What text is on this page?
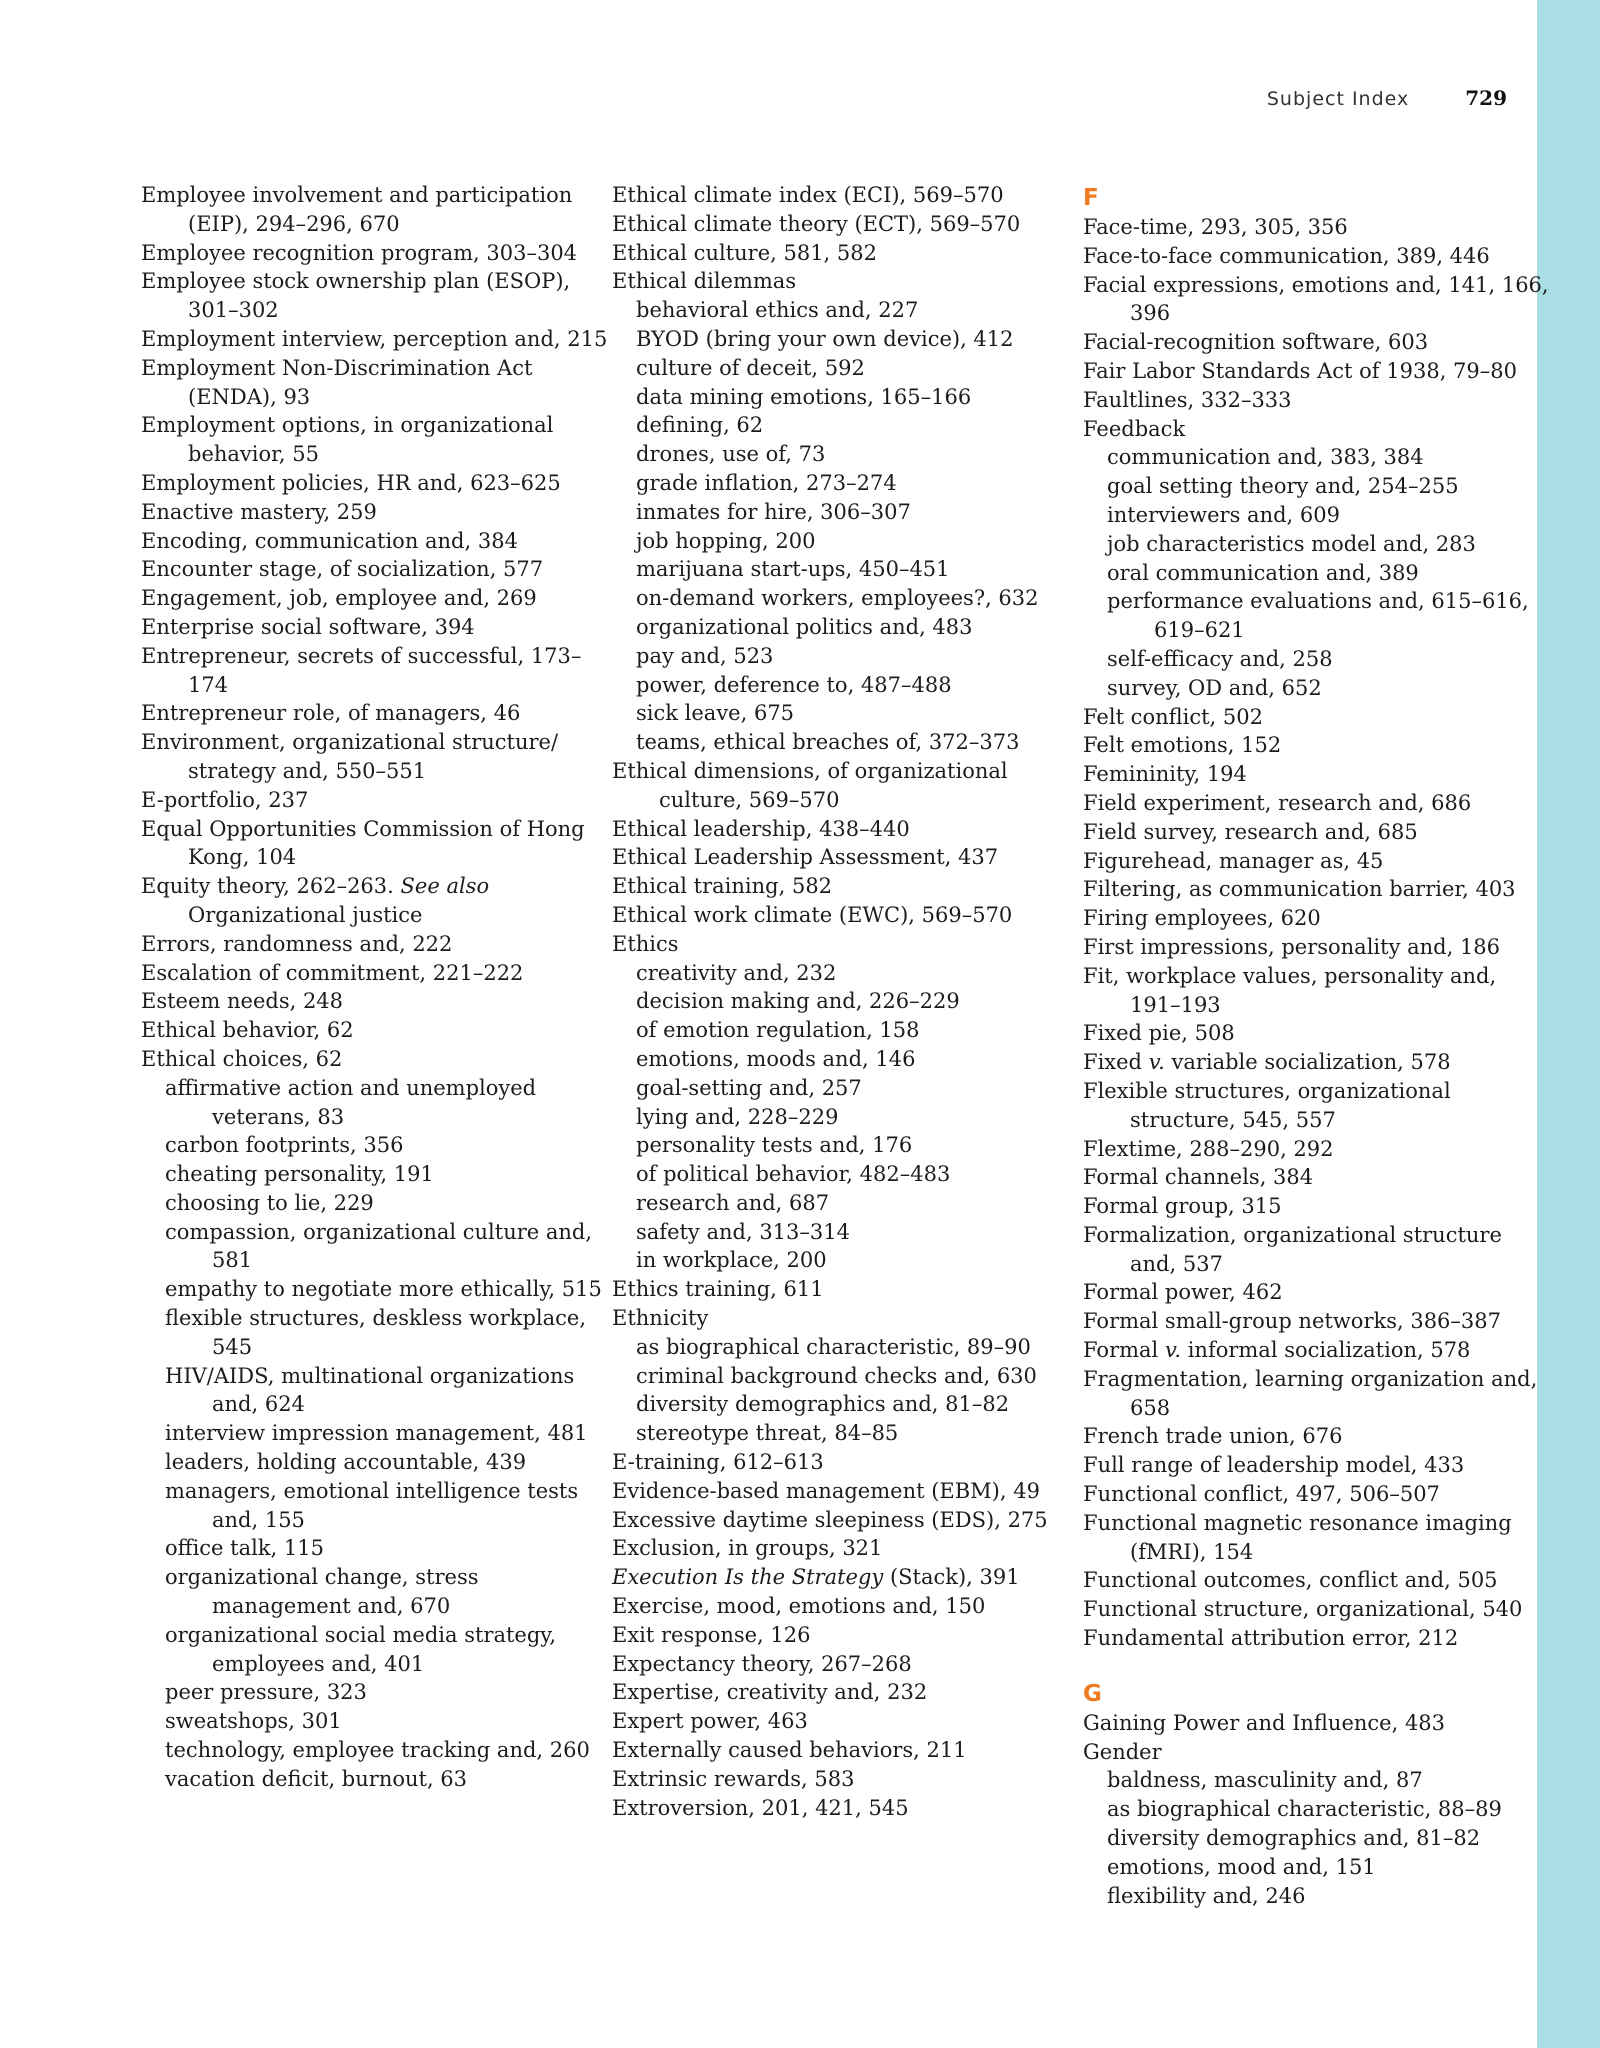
Subject Index	729
Employee involvement and participation (EIP), 294–296, 670
Employee recognition program, 303–304
Employee stock ownership plan (ESOP), 301–302
Employment interview, perception and, 215
Employment Non-Discrimination Act (ENDA), 93
Employment options, in organizational behavior, 55
Employment policies, HR and, 623–625
Enactive mastery, 259
Encoding, communication and, 384
Encounter stage, of socialization, 577
Engagement, job, employee and, 269
Enterprise social software, 394
Entrepreneur, secrets of successful, 173–174
Entrepreneur role, of managers, 46
Environment, organizational structure/ strategy and, 550–551
E-portfolio, 237
Equal Opportunities Commission of Hong Kong, 104
Equity theory, 262–263. See also Organizational justice
Errors, randomness and, 222
Escalation of commitment, 221–222
Esteem needs, 248
Ethical behavior, 62
Ethical choices, 62
affirmative action and unemployed veterans, 83
carbon footprints, 356
cheating personality, 191
choosing to lie, 229
compassion, organizational culture and, 581
empathy to negotiate more ethically, 515
flexible structures, deskless workplace, 545
HIV/AIDS, multinational organizations and, 624
interview impression management, 481
leaders, holding accountable, 439
managers, emotional intelligence tests and, 155
office talk, 115
organizational change, stress management and, 670
organizational social media strategy, employees and, 401
peer pressure, 323
sweatshops, 301
technology, employee tracking and, 260
vacation deficit, burnout, 63
Ethical climate index (ECI), 569–570
Ethical climate theory (ECT), 569–570
Ethical culture, 581, 582
Ethical dilemmas
behavioral ethics and, 227
BYOD (bring your own device), 412
culture of deceit, 592
data mining emotions, 165–166
defining, 62
drones, use of, 73
grade inflation, 273–274
inmates for hire, 306–307
job hopping, 200
marijuana start-ups, 450–451
on-demand workers, employees?, 632
organizational politics and, 483
pay and, 523
power, deference to, 487–488
sick leave, 675
teams, ethical breaches of, 372–373
Ethical dimensions, of organizational culture, 569–570
Ethical leadership, 438–440
Ethical Leadership Assessment, 437
Ethical training, 582
Ethical work climate (EWC), 569–570
Ethics
creativity and, 232
decision making and, 226–229
of emotion regulation, 158
emotions, moods and, 146
goal-setting and, 257
lying and, 228–229
personality tests and, 176
of political behavior, 482–483
research and, 687
safety and, 313–314
in workplace, 200
Ethics training, 611
Ethnicity
as biographical characteristic, 89–90
criminal background checks and, 630
diversity demographics and, 81–82
stereotype threat, 84–85
E-training, 612–613
Evidence-based management (EBM), 49
Excessive daytime sleepiness (EDS), 275
Exclusion, in groups, 321
Execution Is the Strategy (Stack), 391
Exercise, mood, emotions and, 150
Exit response, 126
Expectancy theory, 267–268
Expertise, creativity and, 232
Expert power, 463
Externally caused behaviors, 211
Extrinsic rewards, 583
Extroversion, 201, 421, 545
F
Face-time, 293, 305, 356
Face-to-face communication, 389, 446
Facial expressions, emotions and, 141, 166, 396
Facial-recognition software, 603
Fair Labor Standards Act of 1938, 79–80
Faultlines, 332–333
Feedback
communication and, 383, 384
goal setting theory and, 254–255
interviewers and, 609
job characteristics model and, 283
oral communication and, 389
performance evaluations and, 615–616, 619–621
self-efficacy and, 258
survey, OD and, 652
Felt conflict, 502
Felt emotions, 152
Femininity, 194
Field experiment, research and, 686
Field survey, research and, 685
Figurehead, manager as, 45
Filtering, as communication barrier, 403
Firing employees, 620
First impressions, personality and, 186
Fit, workplace values, personality and, 191–193
Fixed pie, 508
Fixed v. variable socialization, 578
Flexible structures, organizational structure, 545, 557
Flextime, 288–290, 292
Formal channels, 384
Formal group, 315
Formalization, organizational structure and, 537
Formal power, 462
Formal small-group networks, 386–387
Formal v. informal socialization, 578
Fragmentation, learning organization and, 658
French trade union, 676
Full range of leadership model, 433
Functional conflict, 497, 506–507
Functional magnetic resonance imaging (fMRI), 154
Functional outcomes, conflict and, 505
Functional structure, organizational, 540
Fundamental attribution error, 212
G
Gaining Power and Influence, 483
Gender
baldness, masculinity and, 87
as biographical characteristic, 88–89
diversity demographics and, 81–82
emotions, mood and, 151
flexibility and, 246
